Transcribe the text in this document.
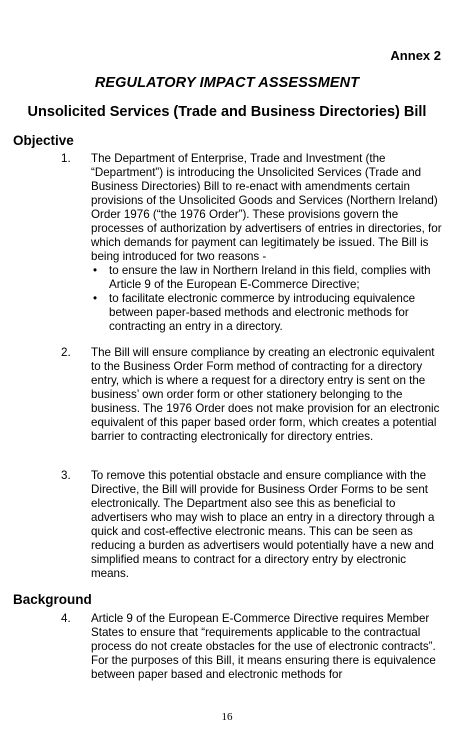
Annex 2
REGULATORY IMPACT ASSESSMENT
Unsolicited Services (Trade and Business Directories) Bill
Objective
1. The Department of Enterprise, Trade and Investment (the “Department”) is introducing the Unsolicited Services (Trade and Business Directories) Bill to re-enact with amendments certain provisions of the Unsolicited Goods and Services (Northern Ireland) Order 1976 (“the 1976 Order”). These provisions govern the processes of authorization by advertisers of entries in directories, for which demands for payment can legitimately be issued. The Bill is being introduced for two reasons -
• to ensure the law in Northern Ireland in this field, complies with Article 9 of the European E-Commerce Directive;
• to facilitate electronic commerce by introducing equivalence between paper-based methods and electronic methods for contracting an entry in a directory.
2. The Bill will ensure compliance by creating an electronic equivalent to the Business Order Form method of contracting for a directory entry, which is where a request for a directory entry is sent on the business’ own order form or other stationery belonging to the business. The 1976 Order does not make provision for an electronic equivalent of this paper based order form, which creates a potential barrier to contracting electronically for directory entries.
3. To remove this potential obstacle and ensure compliance with the Directive, the Bill will provide for Business Order Forms to be sent electronically. The Department also see this as beneficial to advertisers who may wish to place an entry in a directory through a quick and cost-effective electronic means. This can be seen as reducing a burden as advertisers would potentially have a new and simplified means to contract for a directory entry by electronic means.
Background
4. Article 9 of the European E-Commerce Directive requires Member States to ensure that “requirements applicable to the contractual process do not create obstacles for the use of electronic contracts”. For the purposes of this Bill, it means ensuring there is equivalence between paper based and electronic methods for
16
